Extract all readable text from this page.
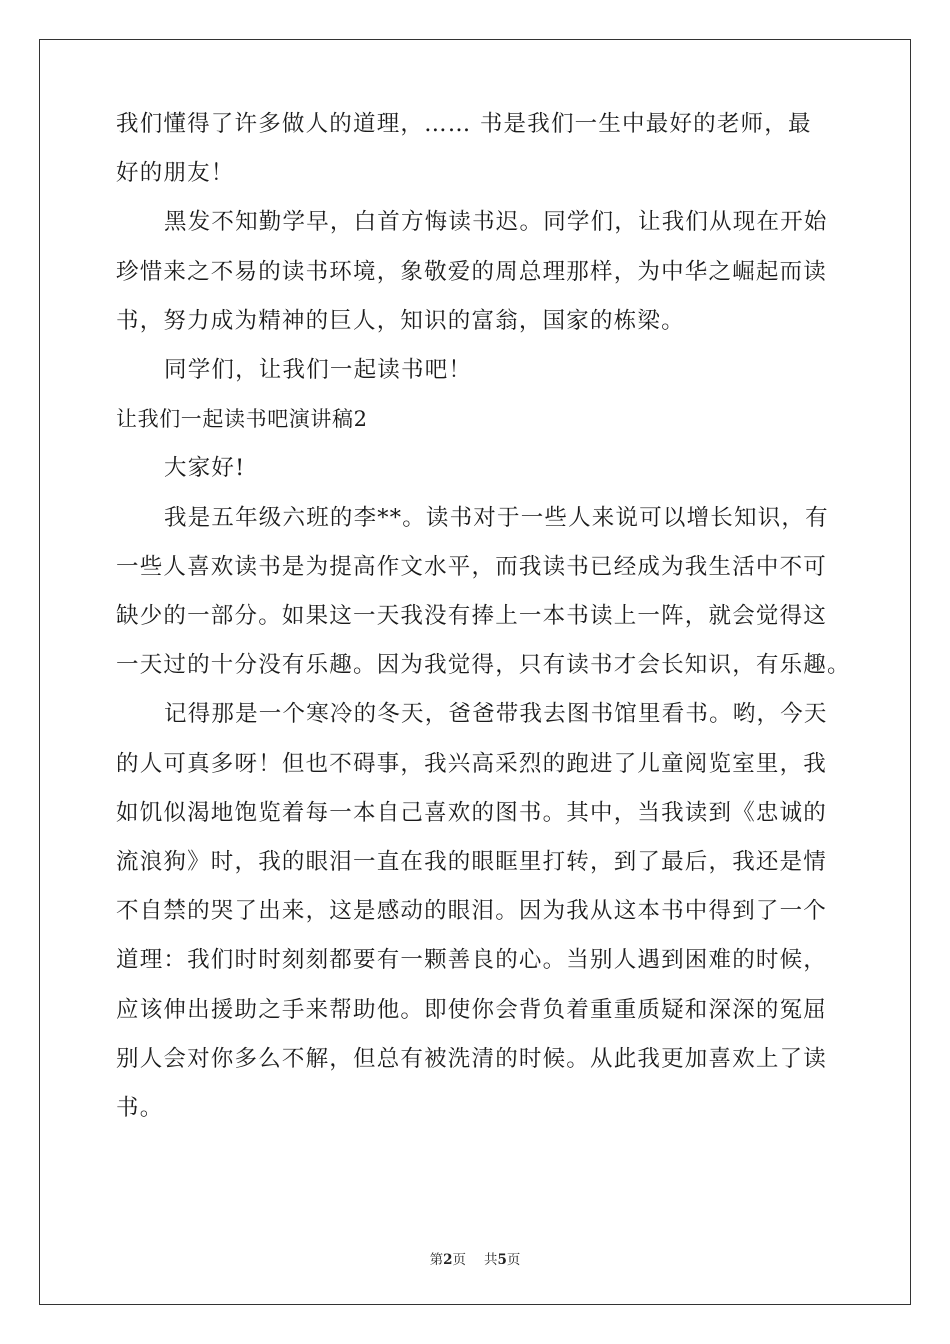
我们懂得了许多做人的道理，…… 书是我们一生中最好的老师，最
好的朋友！
黑发不知勤学早，白首方悔读书迟。同学们，让我们从现在开始
珍惜来之不易的读书环境，象敬爱的周总理那样，为中华之崛起而读
书，努力成为精神的巨人，知识的富翁，国家的栋梁。
同学们，让我们一起读书吧！
让我们一起读书吧演讲稿2
大家好!
我是五年级六班的李**。读书对于一些人来说可以增长知识，有
一些人喜欢读书是为提高作文水平，而我读书已经成为我生活中不可
缺少的一部分。如果这一天我没有捧上一本书读上一阵，就会觉得这
一天过的十分没有乐趣。因为我觉得，只有读书才会长知识，有乐趣。
记得那是一个寒冷的冬天，爸爸带我去图书馆里看书。哟，今天
的人可真多呀！但也不碍事，我兴高采烈的跑进了儿童阅览室里，我
如饥似渴地饱览着每一本自己喜欢的图书。其中，当我读到《忠诚的
流浪狗》时，我的眼泪一直在我的眼眶里打转，到了最后，我还是情
不自禁的哭了出来，这是感动的眼泪。因为我从这本书中得到了一个
道理：我们时时刻刻都要有一颗善良的心。当别人遇到困难的时候，
应该伸出援助之手来帮助他。即使你会背负着重重质疑和深深的冤屈
别人会对你多么不解，但总有被洗清的时候。从此我更加喜欢上了读
书。
第2页 共5页
